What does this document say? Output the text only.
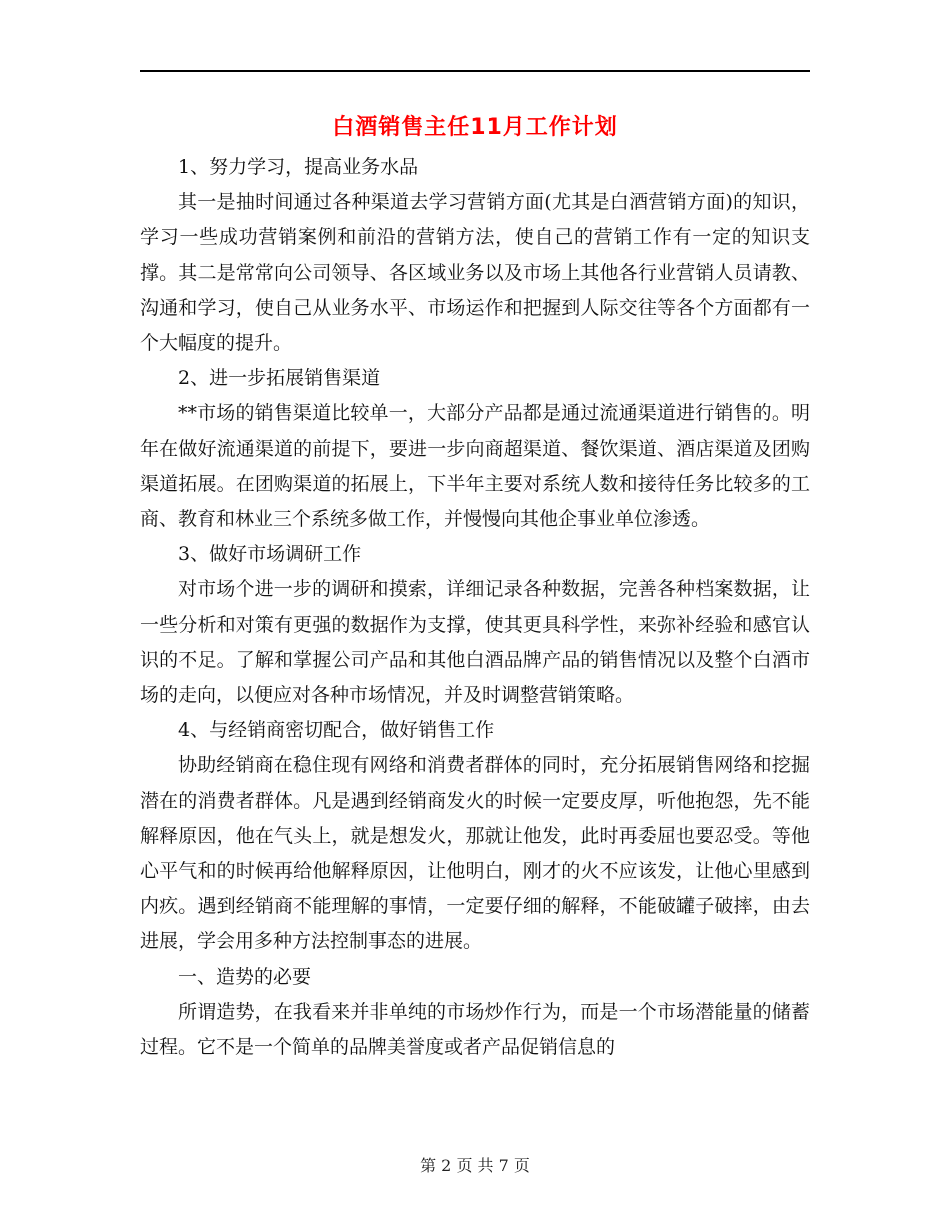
白酒销售主任11月工作计划

1、努力学习，提高业务水品

其一是抽时间通过各种渠道去学习营销方面(尤其是白酒营销方面)的知识，学习一些成功营销案例和前沿的营销方法，使自己的营销工作有一定的知识支撑。其二是常常向公司领导、各区域业务以及市场上其他各行业营销人员请教、沟通和学习，使自己从业务水平、市场运作和把握到人际交往等各个方面都有一个大幅度的提升。

2、进一步拓展销售渠道

**市场的销售渠道比较单一，大部分产品都是通过流通渠道进行销售的。明年在做好流通渠道的前提下，要进一步向商超渠道、餐饮渠道、酒店渠道及团购渠道拓展。在团购渠道的拓展上，下半年主要对系统人数和接待任务比较多的工商、教育和林业三个系统多做工作，并慢慢向其他企事业单位渗透。

3、做好市场调研工作

对市场个进一步的调研和摸索，详细记录各种数据，完善各种档案数据，让一些分析和对策有更强的数据作为支撑，使其更具科学性，来弥补经验和感官认识的不足。了解和掌握公司产品和其他白酒品牌产品的销售情况以及整个白酒市场的走向，以便应对各种市场情况，并及时调整营销策略。

4、与经销商密切配合，做好销售工作

协助经销商在稳住现有网络和消费者群体的同时，充分拓展销售网络和挖掘潜在的消费者群体。凡是遇到经销商发火的时候一定要皮厚，听他抱怨，先不能解释原因，他在气头上，就是想发火，那就让他发，此时再委屈也要忍受。等他心平气和的时候再给他解释原因，让他明白，刚才的火不应该发，让他心里感到内疚。遇到经销商不能理解的事情，一定要仔细的解释，不能破罐子破摔，由去进展，学会用多种方法控制事态的进展。

一、造势的必要

所谓造势，在我看来并非单纯的市场炒作行为，而是一个市场潜能量的储蓄过程。它不是一个简单的品牌美誉度或者产品促销信息的

第 2 页 共 7 页
